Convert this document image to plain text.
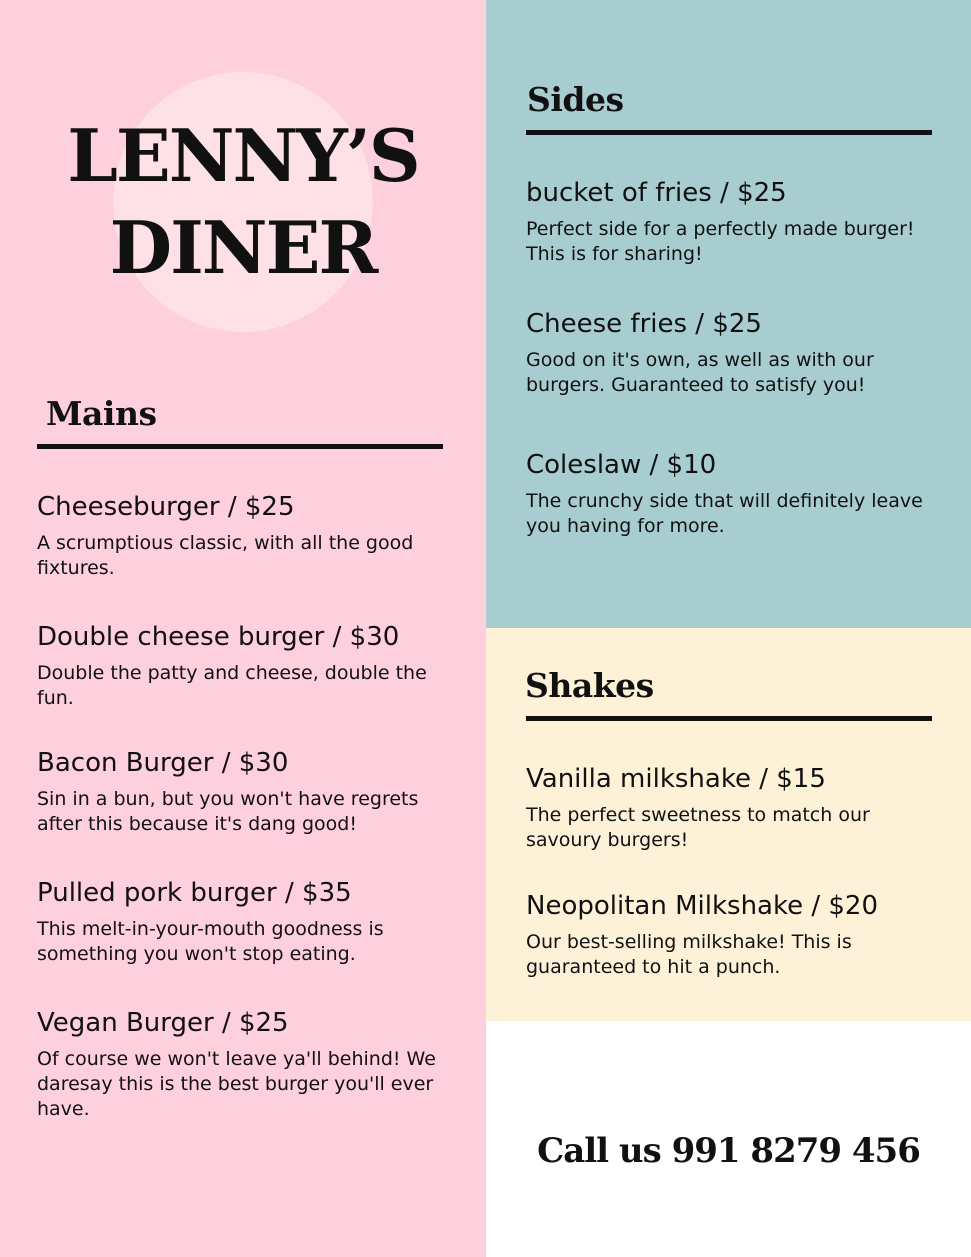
LENNY’S
DINER
Mains

Cheeseburger / $25

A scrumptious classic, with all the good fixtures.

Double cheese burger / $30

Double the patty and cheese, double the fun.

Bacon Burger / $30

Sin in a bun, but you won't have regrets after this because it's dang good!

Pulled pork burger / $35

This melt-in-your-mouth goodness is something you won't stop eating.

Vegan Burger / $25

Of course we won't leave ya'll behind! We daresay this is the best burger you'll ever have.

Sides

bucket of fries / $25

Perfect side for a perfectly made burger! This is for sharing!

Cheese fries / $25

Good on it's own, as well as with our burgers. Guaranteed to satisfy you!

Coleslaw / $10

The crunchy side that will definitely leave you having for more.

Shakes

Vanilla milkshake / $15

The perfect sweetness to match our savoury burgers!

Neopolitan Milkshake / $20

Our best-selling milkshake! This is guaranteed to hit a punch.

Call us 991 8279 456
